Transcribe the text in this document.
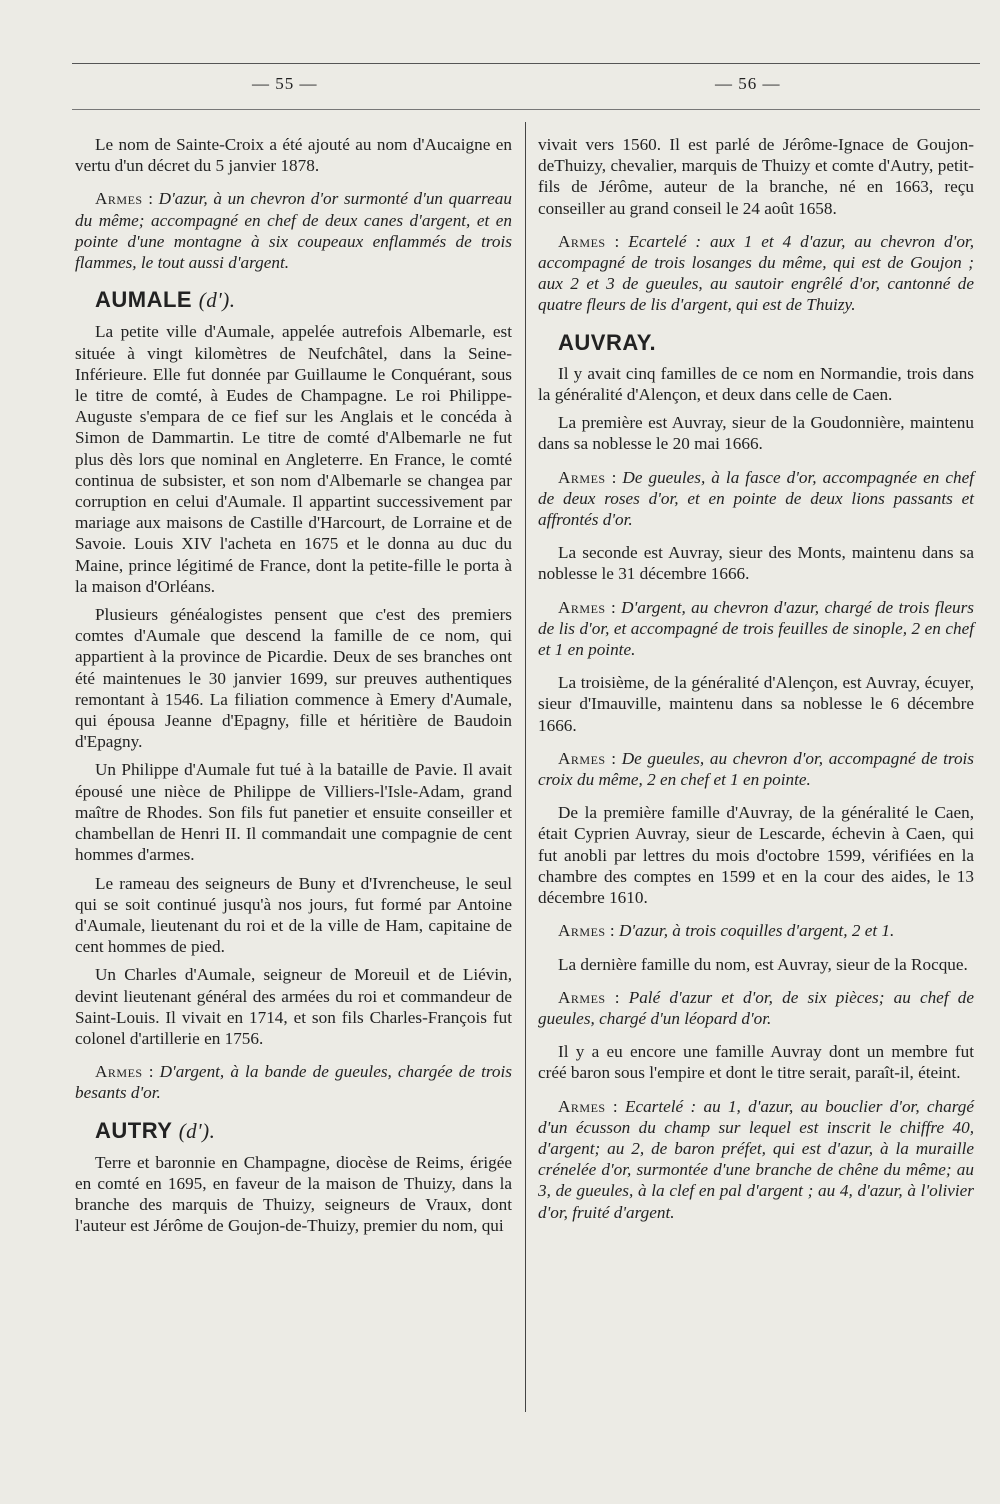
— 55 —	— 56 —

Le nom de Sainte-Croix a été ajouté au nom d'Aucaigne en vertu d'un décret du 5 janvier 1878.

Armes : D'azur, à un chevron d'or surmonté d'un quarreau du même; accompagné en chef de deux canes d'argent, et en pointe d'une montagne à six coupeaux enflammés de trois flammes, le tout aussi d'argent.

AUMALE (d').

La petite ville d'Aumale, appelée autrefois Albemarle, est située à vingt kilomètres de Neufchâtel, dans la Seine-Inférieure. Elle fut donnée par Guillaume le Conquérant, sous le titre de comté, à Eudes de Champagne. Le roi Philippe-Auguste s'empara de ce fief sur les Anglais et le concéda à Simon de Dammartin. Le titre de comté d'Albemarle ne fut plus dès lors que nominal en Angleterre. En France, le comté continua de subsister, et son nom d'Albemarle se changea par corruption en celui d'Aumale. Il appartint successivement par mariage aux maisons de Castille d'Harcourt, de Lorraine et de Savoie. Louis XIV l'acheta en 1675 et le donna au duc du Maine, prince légitimé de France, dont la petite-fille le porta à la maison d'Orléans.

Plusieurs généalogistes pensent que c'est des premiers comtes d'Aumale que descend la famille de ce nom, qui appartient à la province de Picardie. Deux de ses branches ont été maintenues le 30 janvier 1699, sur preuves authentiques remontant à 1546. La filiation commence à Emery d'Aumale, qui épousa Jeanne d'Epagny, fille et héritière de Baudoin d'Epagny.

Un Philippe d'Aumale fut tué à la bataille de Pavie. Il avait épousé une nièce de Philippe de Villiers-l'Isle-Adam, grand maître de Rhodes. Son fils fut panetier et ensuite conseiller et chambellan de Henri II. Il commandait une compagnie de cent hommes d'armes.

Le rameau des seigneurs de Buny et d'Ivrencheuse, le seul qui se soit continué jusqu'à nos jours, fut formé par Antoine d'Aumale, lieutenant du roi et de la ville de Ham, capitaine de cent hommes de pied.

Un Charles d'Aumale, seigneur de Moreuil et de Liévin, devint lieutenant général des armées du roi et commandeur de Saint-Louis. Il vivait en 1714, et son fils Charles-François fut colonel d'artillerie en 1756.

Armes : D'argent, à la bande de gueules, chargée de trois besants d'or.

AUTRY (d').

Terre et baronnie en Champagne, diocèse de Reims, érigée en comté en 1695, en faveur de la maison de Thuizy, dans la branche des marquis de Thuizy, seigneurs de Vraux, dont l'auteur est Jérôme de Goujon-de-Thuizy, premier du nom, qui

vivait vers 1560. Il est parlé de Jérôme-Ignace de Goujon-deThuizy, chevalier, marquis de Thuizy et comte d'Autry, petit-fils de Jérôme, auteur de la branche, né en 1663, reçu conseiller au grand conseil le 24 août 1658.

Armes : Ecartelé : aux 1 et 4 d'azur, au chevron d'or, accompagné de trois losanges du même, qui est de Goujon ; aux 2 et 3 de gueules, au sautoir engrêlé d'or, cantonné de quatre fleurs de lis d'argent, qui est de Thuizy.

AUVRAY.

Il y avait cinq familles de ce nom en Normandie, trois dans la généralité d'Alençon, et deux dans celle de Caen.

La première est Auvray, sieur de la Goudonnière, maintenu dans sa noblesse le 20 mai 1666.

Armes : De gueules, à la fasce d'or, accompagnée en chef de deux roses d'or, et en pointe de deux lions passants et affrontés d'or.

La seconde est Auvray, sieur des Monts, maintenu dans sa noblesse le 31 décembre 1666.

Armes : D'argent, au chevron d'azur, chargé de trois fleurs de lis d'or, et accompagné de trois feuilles de sinople, 2 en chef et 1 en pointe.

La troisième, de la généralité d'Alençon, est Auvray, écuyer, sieur d'Imauville, maintenu dans sa noblesse le 6 décembre 1666.

Armes : De gueules, au chevron d'or, accompagné de trois croix du même, 2 en chef et 1 en pointe.

De la première famille d'Auvray, de la généralité le Caen, était Cyprien Auvray, sieur de Lescarde, échevin à Caen, qui fut anobli par lettres du mois d'octobre 1599, vérifiées en la chambre des comptes en 1599 et en la cour des aides, le 13 décembre 1610.

Armes : D'azur, à trois coquilles d'argent, 2 et 1.

La dernière famille du nom, est Auvray, sieur de la Rocque.

Armes : Palé d'azur et d'or, de six pièces; au chef de gueules, chargé d'un léopard d'or.

Il y a eu encore une famille Auvray dont un membre fut créé baron sous l'empire et dont le titre serait, paraît-il, éteint.

Armes : Ecartelé : au 1, d'azur, au bouclier d'or, chargé d'un écusson du champ sur lequel est inscrit le chiffre 40, d'argent; au 2, de baron préfet, qui est d'azur, à la muraille crénelée d'or, surmontée d'une branche de chêne du même; au 3, de gueules, à la clef en pal d'argent ; au 4, d'azur, à l'olivier d'or, fruité d'argent.
